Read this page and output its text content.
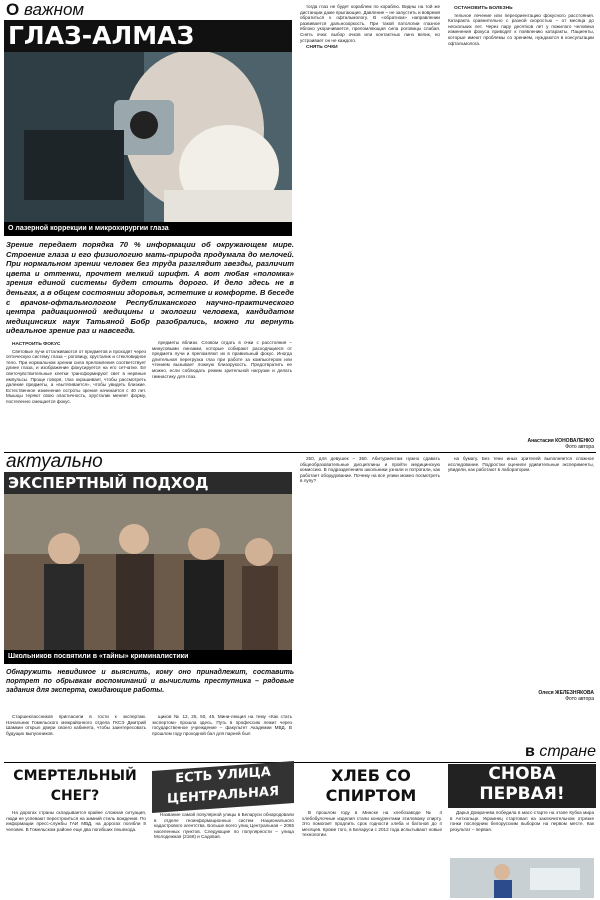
О важном
ГЛАЗ-АЛМАЗ
О лазерной коррекции и микрохирургии глаза
Зрение передает порядка 70 % информации об окружающем мире. Строение глаза и его физиологию мать-природа продумала до мелочей. При нормальном зрении человек без труда разглядит звезды, различит цвета и оттенки, прочтет мелкий шрифт. А вот любая «поломка» зрения единой системы будет стоить дорого. И дело здесь не в деньгах, а в общем состоянии здоровья, эстетике и комфорте. В беседе с врачом-офтальмологом Республиканского научно-практического центра радиационной медицины и экологии человека, кандидатом медицинских наук Татьяной Бобр разобрались, можно ли вернуть идеальное зрение раз и навсегда.
НАСТРОИТЬ ФОКУС

Световые лучи отталкиваются от предметов и проходят через оптическую систему глаза – роговицу, хрусталик и стекловидное тело. При нормальном зрении сила преломления соответствует длине глаза, и изображение фокусируется на его сетчатке. Ее светочувствительные клетки трансформируют свет в нервные импульсы. Проще говоря, глаз окрашивает, чтобы рассмотреть далекие предметы, а «вытягивается», чтобы увидеть близкие. Естественное изменение остроты зрения начинается с 40 лет. Мышцы теряют свою эластичность, хрусталик меняет форму, постепенно смещается фокус.

предметы вблизи. Словом отдать в очки с расстояния – минусовыми линзами, которые собирают расходящиеся от предмета лучи и преломляют их в правильный фокус. Иногда длительная перегрузка глаз при работе за компьютером или чтением вызывает ложную близорукость. Предотвратить ее можно, если соблюдать режим зрительной нагрузки и делать гимнастику для глаз.

тогда глаз не будет кораблем по кораблю. Видны на той же дистанции даже прыгающие. Давление – не запустить и вовремя обратиться к офтальмологу. В «обратном» направлении развивается дальнозоркость. При такой патологии глазное яблоко укорачивается, преломляющая сила роговицы слабая. Снять очки: выбор очков или контактных линз велик, но устраивает он не каждого.

СНЯТЬ ОЧКИ
ОСТАНОВИТЬ БОЛЕЗНЬ

тельное лечение или переориентацию фокусного расстояния. Катаракта сравнительно с разной скоростью – от месяца до нескольких лет. Через пару десятков лет у пожилого человека изменения фокуса приводят к появлению катаракты. Пациенты, которые имеют проблемы со зрением, нуждаются в консультации офтальмолога.

Анастасия КОНОВАЛЕНКО
Фото автора
актуально
ЭКСПЕРТНЫЙ ПОДХОД
Школьников посвятили в «тайны» криминалистики
Обнаружить невидимое и выяснить, кому оно принадлежит, составить портрет по обрывкам воспоминаний и вычислить преступника – рядовые задания для эксперта, ожидающие работы.

Старшеклассников пригласили в гости к экспертам. Начальник Гомельского межрайонного отдела ГКСЭ Дмитрий Шамкин открыл двери своего кабинета, чтобы заинтересовать будущих выпускников.

щиков № 12, 25, 50, 45. Мини-лекция на тему «Как стать экспертом» прошла здесь. Путь в профессию лежит через государственное учреждение – факультет Академии МВД. В прошлом году проходной бал для парней был

250, для девушек – 350. Абитуриентам нужно сдавать общеобразовательные дисциплины и пройти медицинскую комиссию. В подразделениях школьники узнали и потрогали, как работает оборудование. Почему на все улики можно посмотреть в лупу?

на бумагу. Без тени иных зрителей выполняется сложное исследование. Подростки оценили удивительные эксперименты, увидели, как работают в лаборатории.

Олеся ЖЕЛЕЗНЯКОВА
Фото автора
в стране
СМЕРТЕЛЬНЫЙ
СНЕГ?

На дорогах страны складывается крайне сложная ситуация, люди не успевают перестроиться на зимний стиль вождения. По информации пресс-службы ГАИ МВД, на дорогах погибли 8 человек. В Гомельском районе еще два погибших пешехода.

ЕСТЬ УЛИЦА
ЦЕНТРАЛЬНАЯ

Название самой популярной улицы в Беларуси обнародовали в отделе геоинформационных систем Национального кадастрового агентства. Больше всего улиц Центральная – 2065 населенных пунктов. Следующие по популярности – улица Молодежная (2166) и Садовая.

ХЛЕБ СО
СПИРТОМ

В прошлом году в Минске на хлебозаводе № 4 хлебобулочные изделия стали конкурентами этиловому спирту. Это помогает продлить срок годности хлеба и батонов до 4 месяцев. Кроме того, в Беларуси с 2012 года испытывают новые технологии.

СНОВА
ПЕРВАЯ!

Дарья Домрачева победила в масс-старте на этапе Кубка мира в Антхольце. Украинец стартовал на заключительном отрезке гонки последним белорусским выбором на первом месте. Как результат – первая.
